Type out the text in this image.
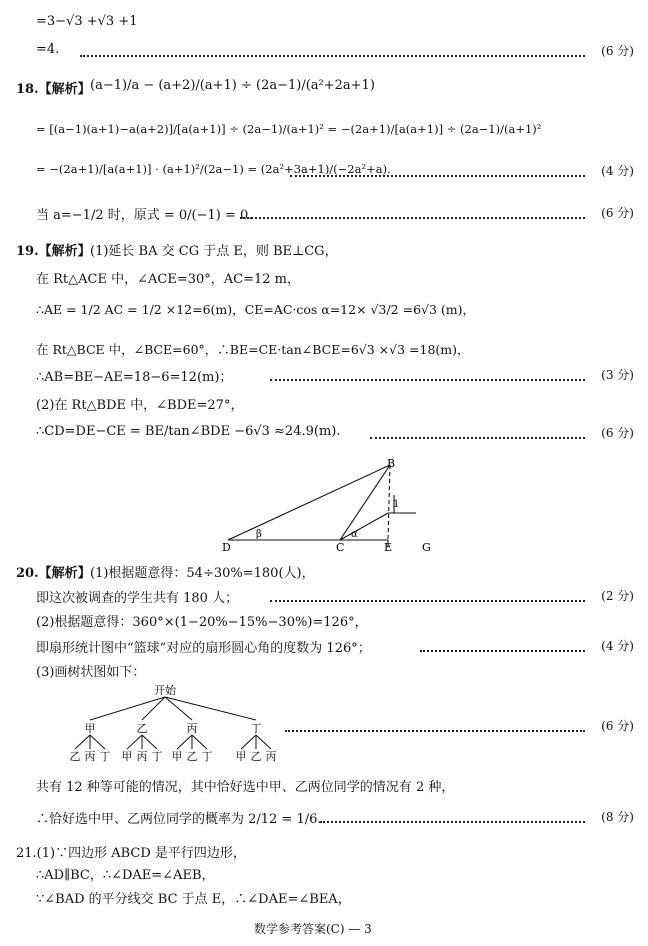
=3−√3 +√3 +1
=4.	(6 分)
18.【解析】 (a−1)/a − (a+2)/(a+1) ÷ (2a−1)/(a²+2a+1)
= [(a−1)(a+1)−a(a+2)]/[a(a+1)] ÷ (2a−1)/(a+1)² = −(2a+1)/[a(a+1)] ÷ (2a−1)/(a+1)²
= −(2a+1)/[a(a+1)] · (a+1)²/(2a−1) = (2a²+3a+1)/(−2a²+a).	(4 分)
当 a=−1/2 时，原式 = 0/(−1) = 0.	(6 分)
19.【解析】 (1)延长 BA 交 CG 于点 E，则 BE⊥CG，
在 Rt△ACE 中，∠ACE=30°，AC=12 m，
∴AE = 1/2 AC = 1/2 ×12=6(m)，CE=AC·cos α=12× √3/2 =6√3 (m)，
在 Rt△BCE 中，∠BCE=60°，∴BE=CE·tan∠BCE=6√3 ×√3 =18(m)，
∴AB=BE−AE=18−6=12(m)；	(3 分)
(2)在 Rt△BDE 中，∠BDE=27°，
∴CD=DE−CE = BE/tan∠BDE −6√3 ≈24.9(m).	(6 分)
B
D	C	E	G
1
β	α
20.【解析】 (1)根据题意得：54÷30%=180(人)，
即这次被调查的学生共有 180 人；	(2 分)
(2)根据题意得：360°×(1−20%−15%−30%)=126°，
即扇形统计图中“篮球”对应的扇形圆心角的度数为 126°；	(4 分)
(3)画树状图如下：
开始
甲
乙 丙 丁
乙
甲 丙 丁
丙
甲 乙 丁
丁
甲 乙 丙
(6 分)
共有 12 种等可能的情况，其中恰好选中甲、乙两位同学的情况有 2 种，
∴恰好选中甲、乙两位同学的概率为 2/12 = 1/6.	(8 分)
21.(1)∵四边形 ABCD 是平行四边形，
∴AD∥BC，∴∠DAE=∠AEB，
∵∠BAD 的平分线交 BC 于点 E，∴∠DAE=∠BEA，
数学参考答案(C) — 3
